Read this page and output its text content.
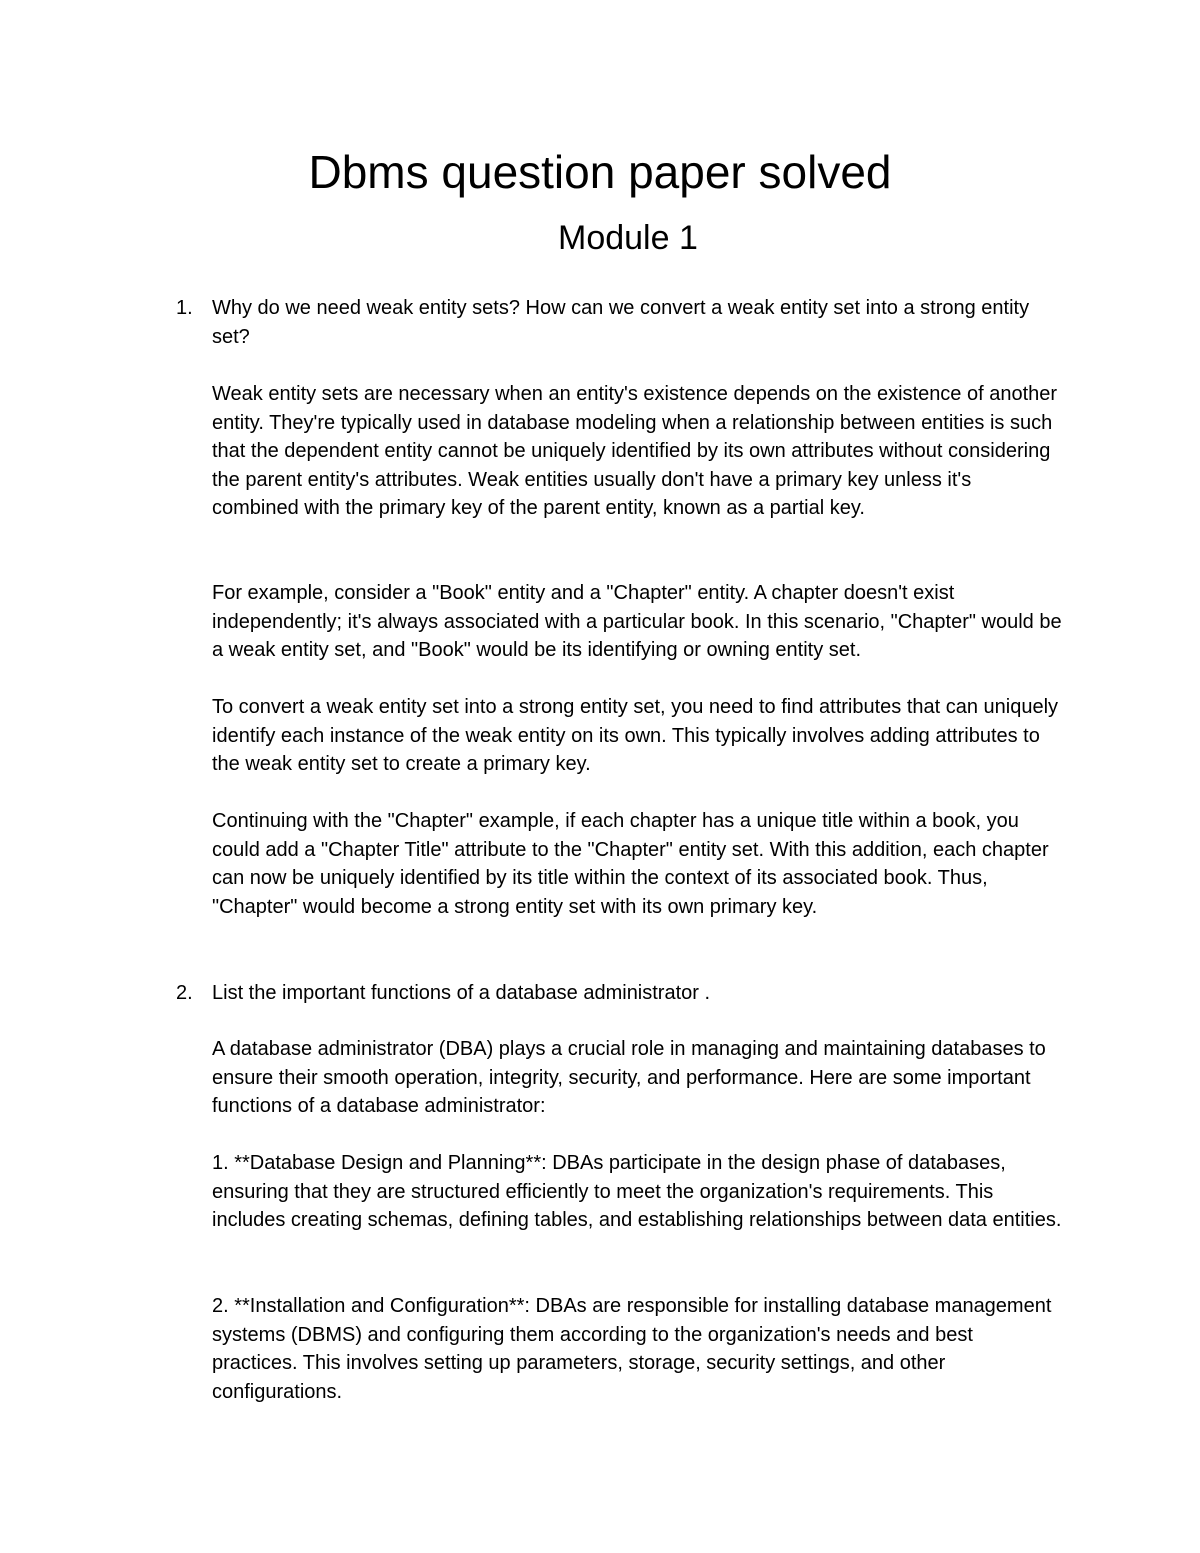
Dbms question paper solved
Module 1
1. Why do we need weak entity sets? How can we convert a weak entity set into a strong entity set?

Weak entity sets are necessary when an entity's existence depends on the existence of another entity. They're typically used in database modeling when a relationship between entities is such that the dependent entity cannot be uniquely identified by its own attributes without considering the parent entity's attributes. Weak entities usually don't have a primary key unless it's combined with the primary key of the parent entity, known as a partial key.

For example, consider a "Book" entity and a "Chapter" entity. A chapter doesn't exist independently; it's always associated with a particular book. In this scenario, "Chapter" would be a weak entity set, and "Book" would be its identifying or owning entity set.

To convert a weak entity set into a strong entity set, you need to find attributes that can uniquely identify each instance of the weak entity on its own. This typically involves adding attributes to the weak entity set to create a primary key.

Continuing with the "Chapter" example, if each chapter has a unique title within a book, you could add a "Chapter Title" attribute to the "Chapter" entity set. With this addition, each chapter can now be uniquely identified by its title within the context of its associated book. Thus, "Chapter" would become a strong entity set with its own primary key.

2. List the important functions of a database administrator .

A database administrator (DBA) plays a crucial role in managing and maintaining databases to ensure their smooth operation, integrity, security, and performance. Here are some important functions of a database administrator:

1. **Database Design and Planning**: DBAs participate in the design phase of databases, ensuring that they are structured efficiently to meet the organization's requirements. This includes creating schemas, defining tables, and establishing relationships between data entities.

2. **Installation and Configuration**: DBAs are responsible for installing database management systems (DBMS) and configuring them according to the organization's needs and best practices. This involves setting up parameters, storage, security settings, and other configurations.
